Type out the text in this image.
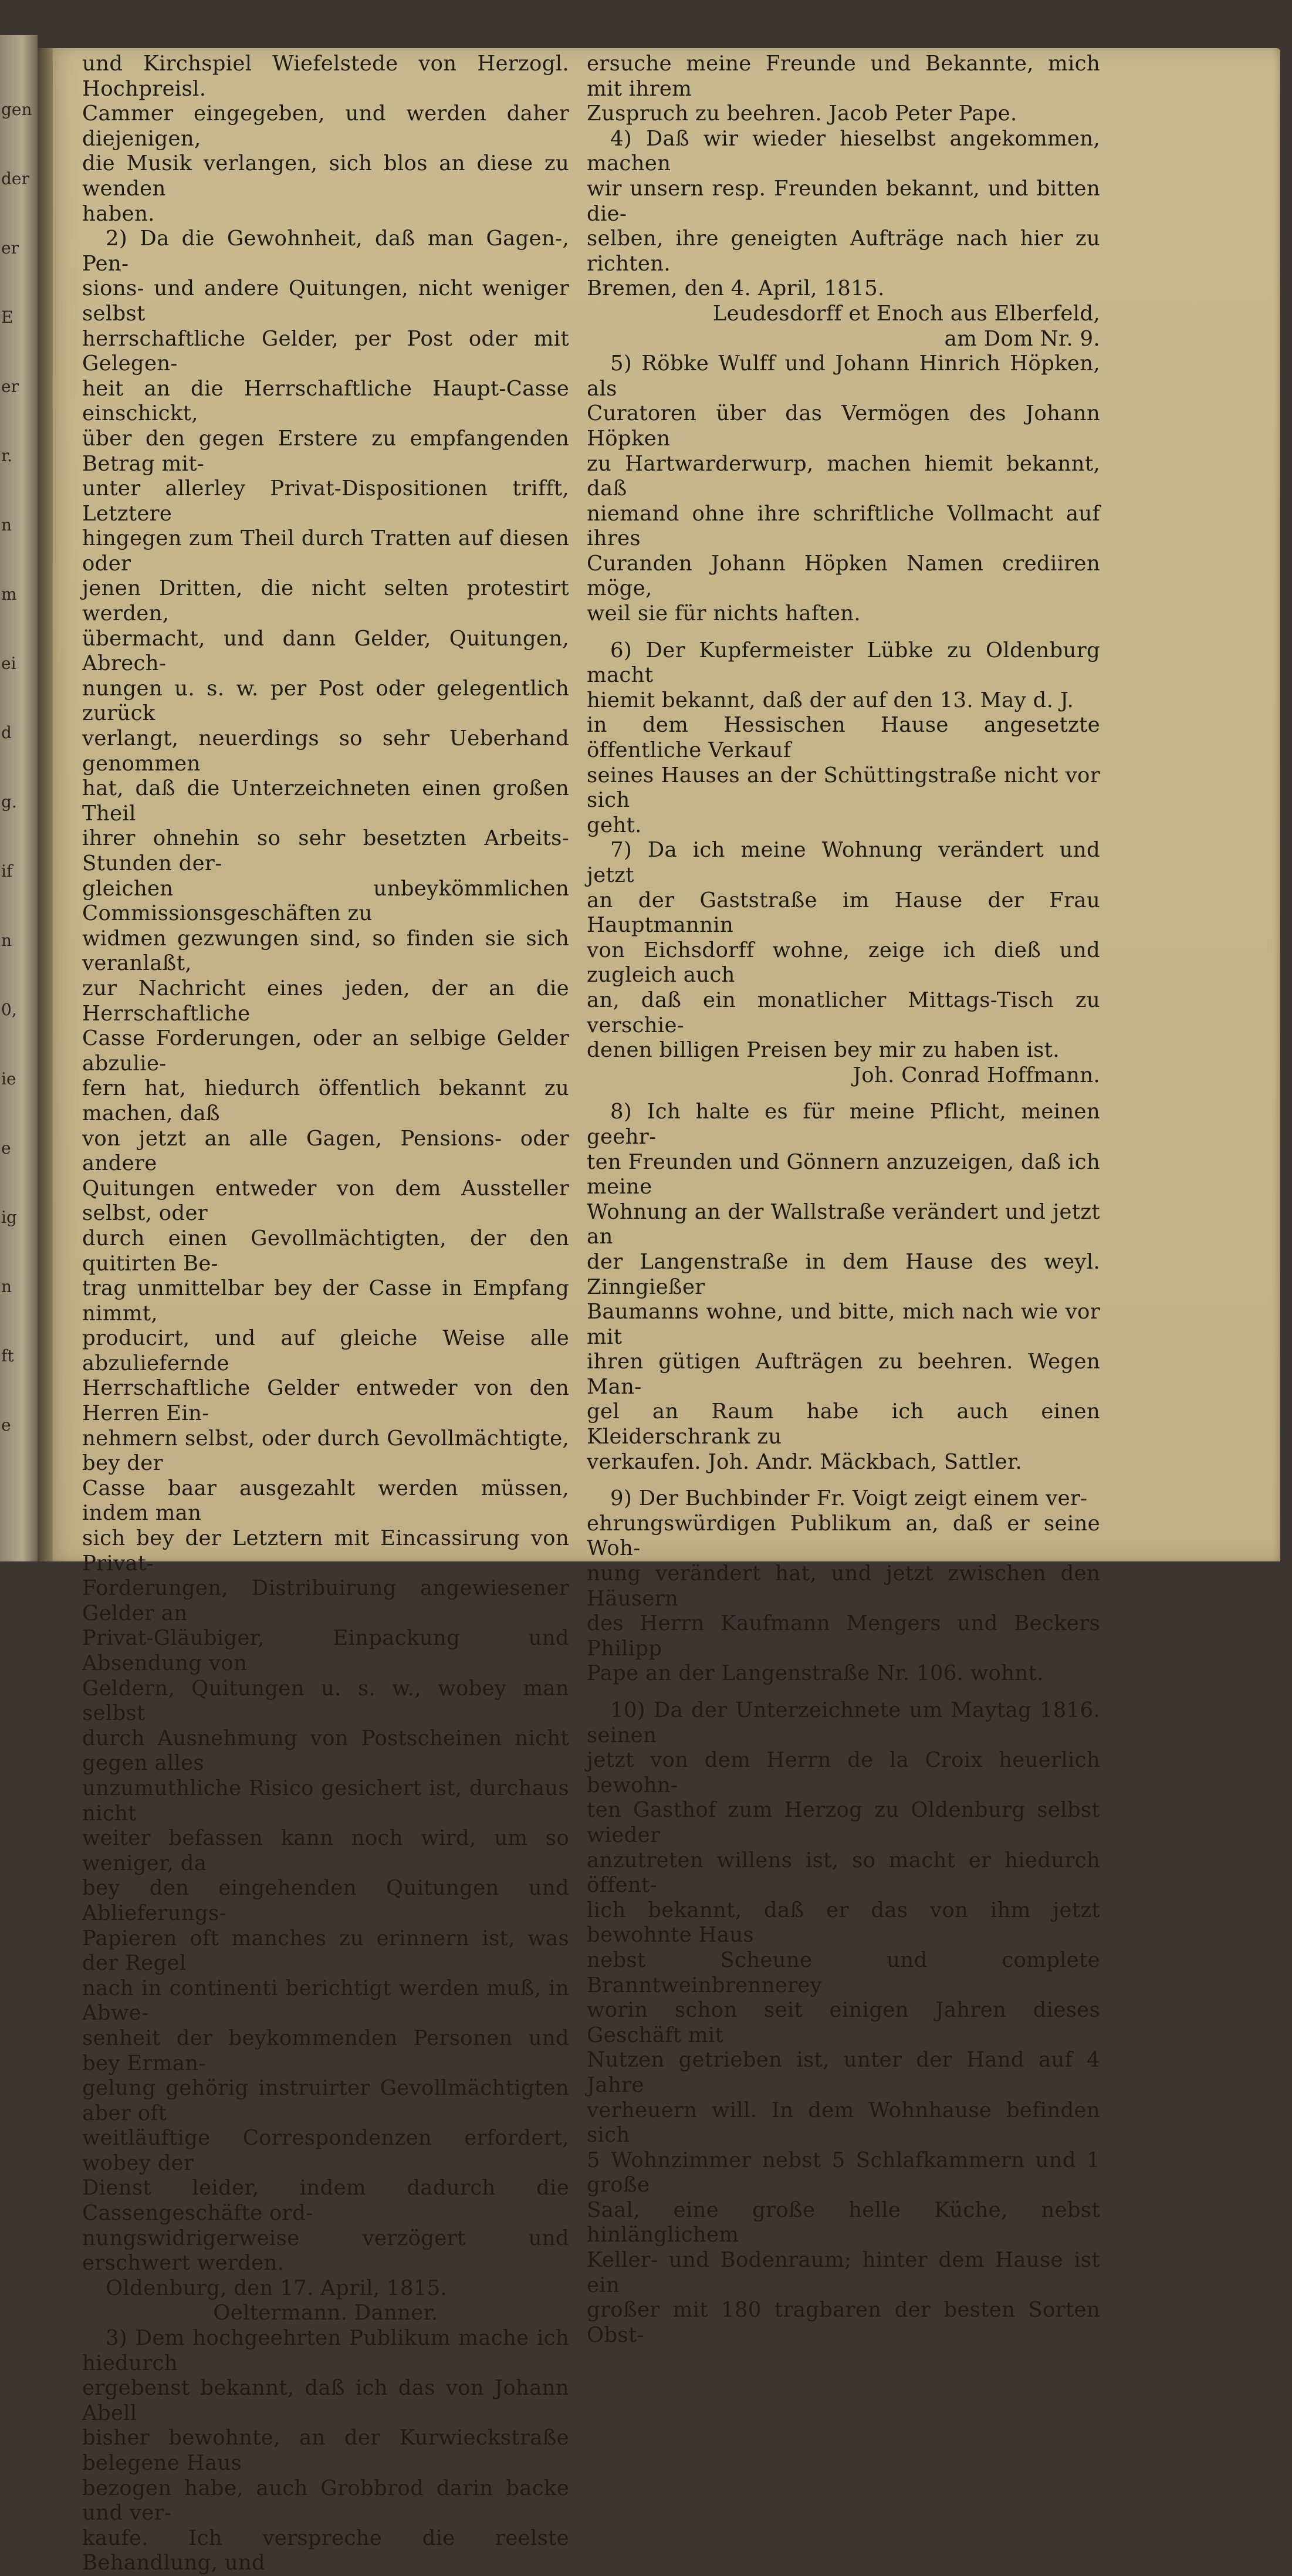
gen
der
er
E
er
r.
n
m
ei
d
g.
if
n
0,
ie
e
ig
n
ft
e

und Kirchspiel Wiefelstede von Herzogl. Hochpreisl.
Cammer eingegeben, und werden daher diejenigen,
die Musik verlangen, sich blos an diese zu wenden
haben.

2) Da die Gewohnheit, daß man Gagen-, Pen-
sions- und andere Quitungen, nicht weniger selbst
herrschaftliche Gelder, per Post oder mit Gelegen-
heit an die Herrschaftliche Haupt-Casse einschickt,
über den gegen Erstere zu empfangenden Betrag mit-
unter allerley Privat-Dispositionen trifft, Letztere
hingegen zum Theil durch Tratten auf diesen oder
jenen Dritten, die nicht selten protestirt werden,
übermacht, und dann Gelder, Quitungen, Abrech-
nungen u. s. w. per Post oder gelegentlich zurück
verlangt, neuerdings so sehr Ueberhand genommen
hat, daß die Unterzeichneten einen großen Theil
ihrer ohnehin so sehr besetzten Arbeits-Stunden der-
gleichen unbeykömmlichen Commissionsgeschäften zu
widmen gezwungen sind, so finden sie sich veranlaßt,
zur Nachricht eines jeden, der an die Herrschaftliche
Casse Forderungen, oder an selbige Gelder abzulie-
fern hat, hiedurch öffentlich bekannt zu machen, daß
von jetzt an alle Gagen, Pensions- oder andere
Quitungen entweder von dem Aussteller selbst, oder
durch einen Gevollmächtigten, der den quitirten Be-
trag unmittelbar bey der Casse in Empfang nimmt,
producirt, und auf gleiche Weise alle abzuliefernde
Herrschaftliche Gelder entweder von den Herren Ein-
nehmern selbst, oder durch Gevollmächtigte, bey der
Casse baar ausgezahlt werden müssen, indem man
sich bey der Letztern mit Eincassirung von Privat-
Forderungen, Distribuirung angewiesener Gelder an
Privat-Gläubiger, Einpackung und Absendung von
Geldern, Quitungen u. s. w., wobey man selbst
durch Ausnehmung von Postscheinen nicht gegen alles
unzumuthliche Risico gesichert ist, durchaus nicht
weiter befassen kann noch wird, um so weniger, da
bey den eingehenden Quitungen und Ablieferungs-
Papieren oft manches zu erinnern ist, was der Regel
nach in continenti berichtigt werden muß, in Abwe-
senheit der beykommenden Personen und bey Erman-
gelung gehörig instruirter Gevollmächtigten aber oft
weitläuftige Correspondenzen erfordert, wobey der
Dienst leider, indem dadurch die Cassengeschäfte ord-
nungswidrigerweise verzögert und erschwert werden.

Oldenburg, den 17. April, 1815.

Oeltermann. Danner.

3) Dem hochgeehrten Publikum mache ich hiedurch
ergebenst bekannt, daß ich das von Johann Abell
bisher bewohnte, an der Kurwieckstraße belegene Haus
bezogen habe, auch Grobbrod darin backe und ver-
kaufe. Ich verspreche die reelste Behandlung, und

ersuche meine Freunde und Bekannte, mich mit ihrem
Zuspruch zu beehren. Jacob Peter Pape.

4) Daß wir wieder hieselbst angekommen, machen
wir unsern resp. Freunden bekannt, und bitten die-
selben, ihre geneigten Aufträge nach hier zu richten.
Bremen, den 4. April, 1815.

Leudesdorff et Enoch aus Elberfeld,
am Dom Nr. 9.

5) Röbke Wulff und Johann Hinrich Höpken, als
Curatoren über das Vermögen des Johann Höpken
zu Hartwarderwurp, machen hiemit bekannt, daß
niemand ohne ihre schriftliche Vollmacht auf ihres
Curanden Johann Höpken Namen crediiren möge,
weil sie für nichts haften.

6) Der Kupfermeister Lübke zu Oldenburg macht
hiemit bekannt, daß der auf den 13. May d. J.
in dem Hessischen Hause angesetzte öffentliche Verkauf
seines Hauses an der Schüttingstraße nicht vor sich
geht.

7) Da ich meine Wohnung verändert und jetzt
an der Gaststraße im Hause der Frau Hauptmannin
von Eichsdorff wohne, zeige ich dieß und zugleich auch
an, daß ein monatlicher Mittags-Tisch zu verschie-
denen billigen Preisen bey mir zu haben ist.

Joh. Conrad Hoffmann.

8) Ich halte es für meine Pflicht, meinen geehr-
ten Freunden und Gönnern anzuzeigen, daß ich meine
Wohnung an der Wallstraße verändert und jetzt an
der Langenstraße in dem Hause des weyl. Zinngießer
Baumanns wohne, und bitte, mich nach wie vor mit
ihren gütigen Aufträgen zu beehren. Wegen Man-
gel an Raum habe ich auch einen Kleiderschrank zu
verkaufen. Joh. Andr. Mäckbach, Sattler.

9) Der Buchbinder Fr. Voigt zeigt einem ver-
ehrungswürdigen Publikum an, daß er seine Woh-
nung verändert hat, und jetzt zwischen den Häusern
des Herrn Kaufmann Mengers und Beckers Philipp
Pape an der Langenstraße Nr. 106. wohnt.

10) Da der Unterzeichnete um Maytag 1816. seinen
jetzt von dem Herrn de la Croix heuerlich bewohn-
ten Gasthof zum Herzog zu Oldenburg selbst wieder
anzutreten willens ist, so macht er hiedurch öffent-
lich bekannt, daß er das von ihm jetzt bewohnte Haus
nebst Scheune und complete Branntweinbrennerey
worin schon seit einigen Jahren dieses Geschäft mit
Nutzen getrieben ist, unter der Hand auf 4 Jahre
verheuern will. In dem Wohnhause befinden sich
5 Wohnzimmer nebst 5 Schlafkammern und 1 große
Saal, eine große helle Küche, nebst hinlänglichem
Keller- und Bodenraum; hinter dem Hause ist ein
großer mit 180 tragbaren der besten Sorten Obst-
